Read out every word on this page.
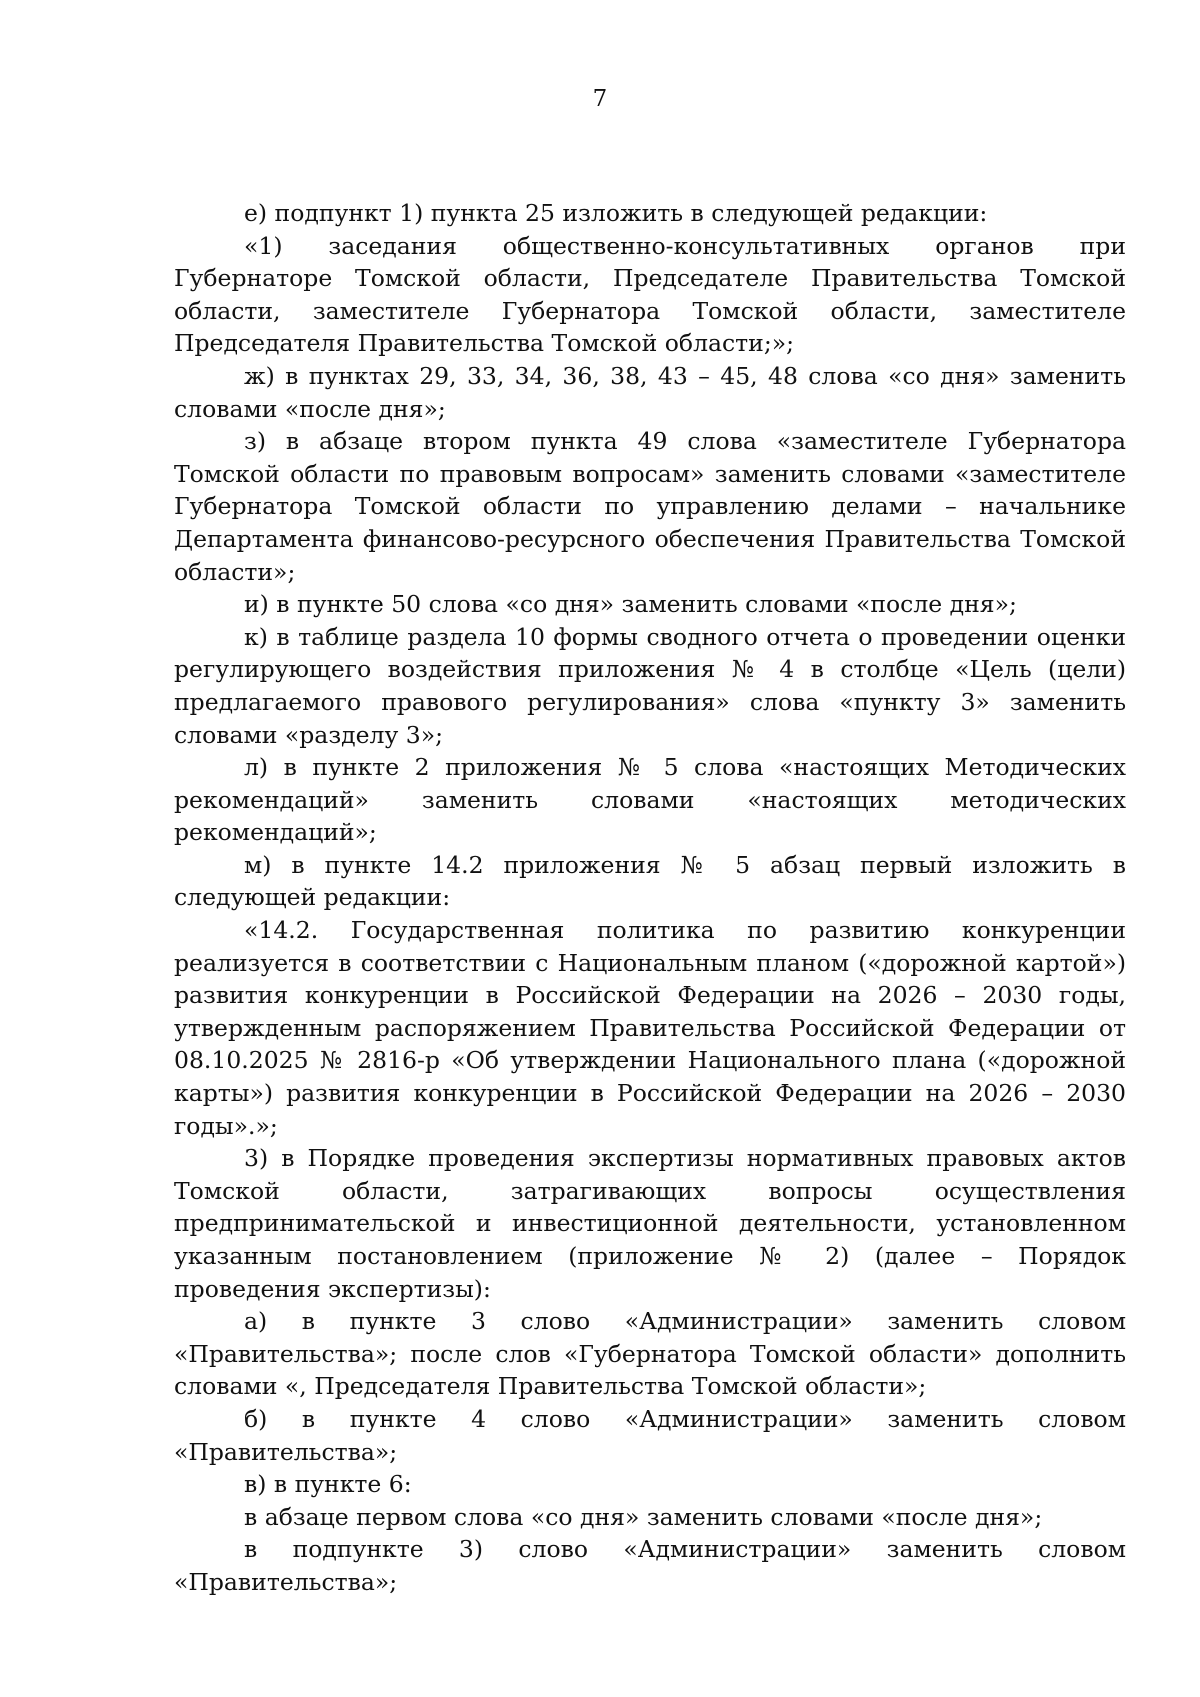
7

е) подпункт 1) пункта 25 изложить в следующей редакции:

«1) заседания общественно-консультативных органов при Губернаторе Томской области, Председателе Правительства Томской области, заместителе Губернатора Томской области, заместителе Председателя Правительства Томской области;»;

ж) в пунктах 29, 33, 34, 36, 38, 43 – 45, 48 слова «со дня» заменить словами «после дня»;

з) в абзаце втором пункта 49 слова «заместителе Губернатора Томской области по правовым вопросам» заменить словами «заместителе Губернатора Томской области по управлению делами – начальнике Департамента финансово-ресурсного обеспечения Правительства Томской области»;

и) в пункте 50 слова «со дня» заменить словами «после дня»;

к) в таблице раздела 10 формы сводного отчета о проведении оценки регулирующего воздействия приложения № 4 в столбце «Цель (цели) предлагаемого правового регулирования» слова «пункту 3» заменить словами «разделу 3»;

л) в пункте 2 приложения № 5 слова «настоящих Методических рекомендаций» заменить словами «настоящих методических рекомендаций»;

м) в пункте 14.2 приложения № 5 абзац первый изложить в следующей редакции:

«14.2. Государственная политика по развитию конкуренции реализуется в соответствии с Национальным планом («дорожной картой») развития конкуренции в Российской Федерации на 2026 – 2030 годы, утвержденным распоряжением Правительства Российской Федерации от 08.10.2025 № 2816-р «Об утверждении Национального плана («дорожной карты») развития конкуренции в Российской Федерации на 2026 – 2030 годы».»;

3) в Порядке проведения экспертизы нормативных правовых актов Томской области, затрагивающих вопросы осуществления предпринимательской и инвестиционной деятельности, установленном указанным постановлением (приложение № 2) (далее – Порядок проведения экспертизы):

а) в пункте 3 слово «Администрации» заменить словом «Правительства»; после слов «Губернатора Томской области» дополнить словами «, Председателя Правительства Томской области»;

б) в пункте 4 слово «Администрации» заменить словом «Правительства»;

в) в пункте 6:

в абзаце первом слова «со дня» заменить словами «после дня»;

в подпункте 3) слово «Администрации» заменить словом «Правительства»;
